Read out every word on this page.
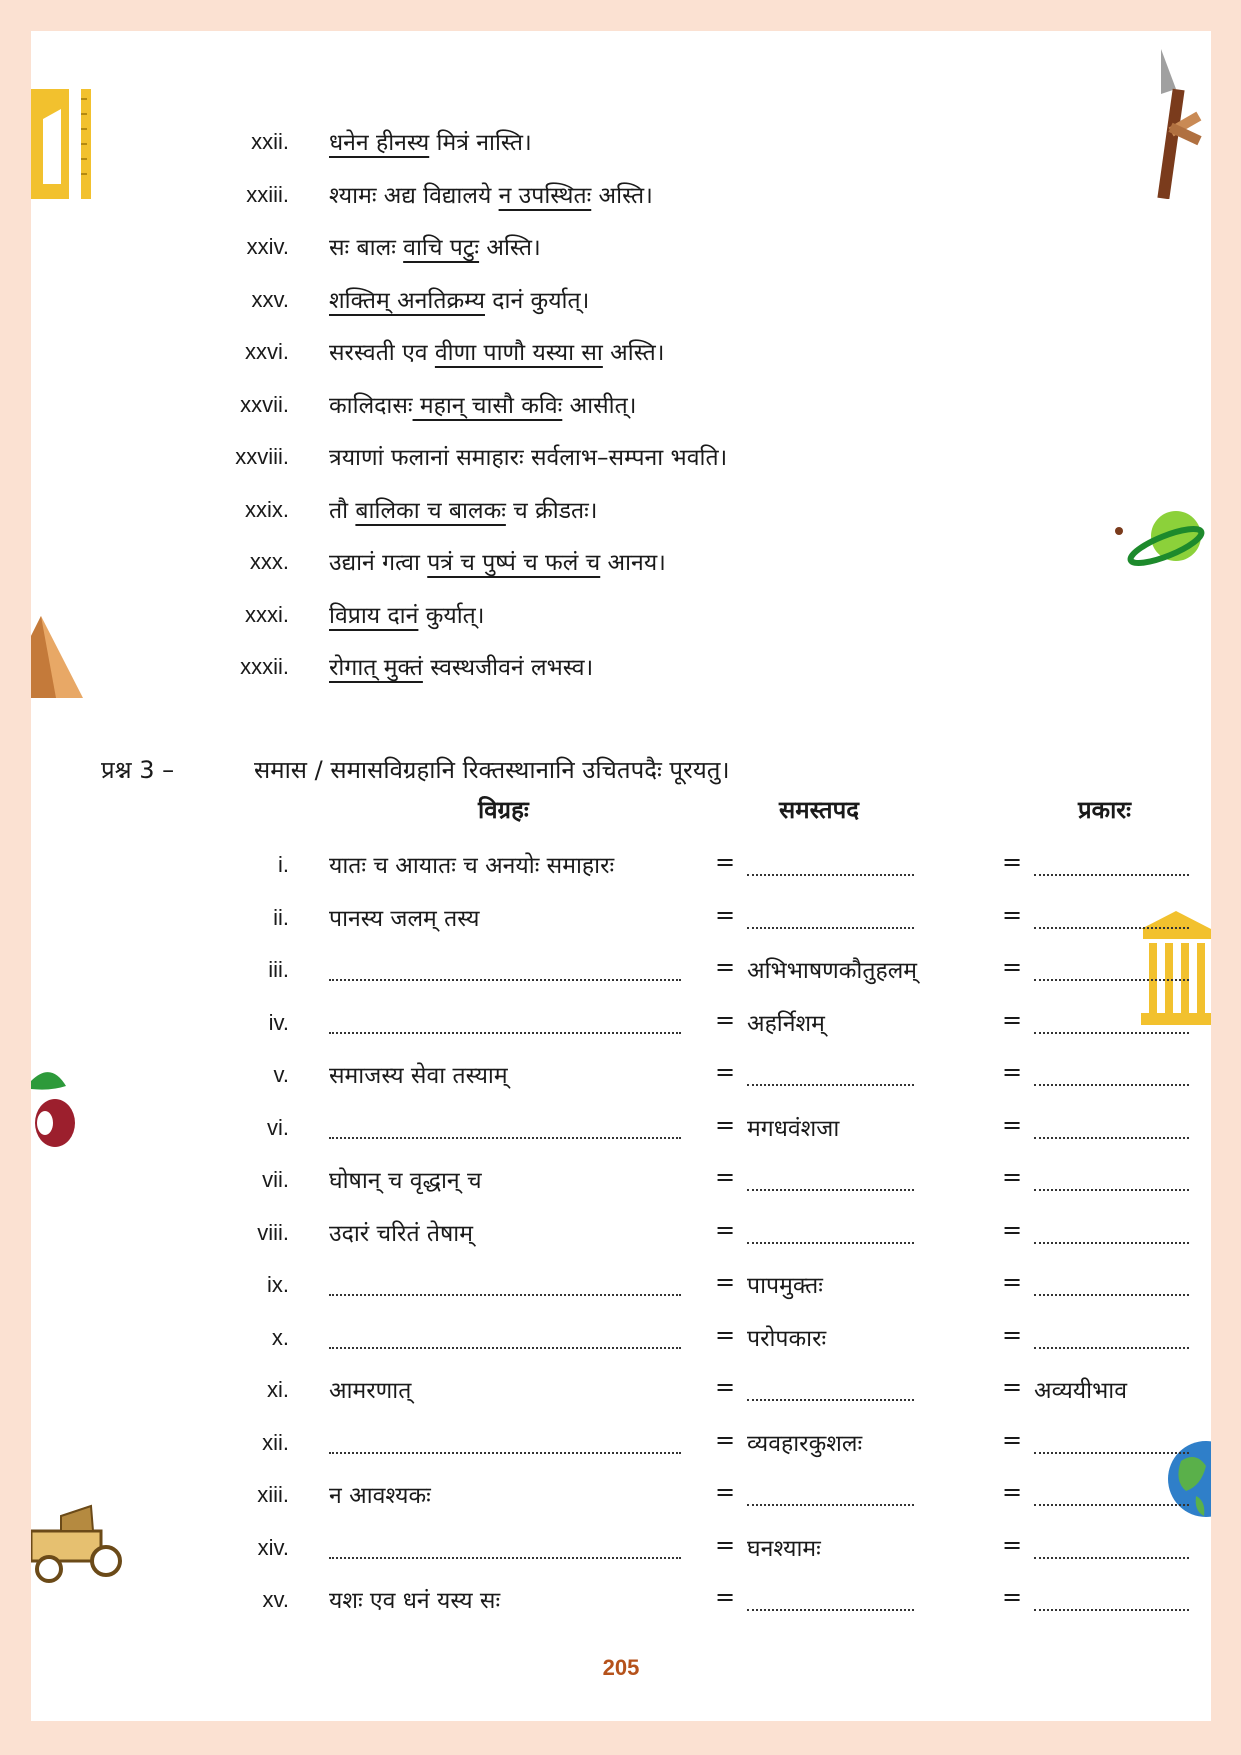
xxii. धनेन हीनस्य मित्रं नास्ति।
xxiii. श्यामः अद्य विद्यालये न उपस्थितः अस्ति।
xxiv. सः बालः वाचि पटुः अस्ति।
xxv. शक्तिम् अनतिक्रम्य दानं कुर्यात्।
xxvi. सरस्वती एव वीणा पाणौ यस्या सा अस्ति।
xxvii. कालिदासः महान् चासौ कविः आसीत्।
xxviii. त्रयाणां फलानां समाहारः सर्वलाभ–सम्पना भवति।
xxix. तौ बालिका च बालकः च क्रीडतः।
xxx. उद्यानं गत्वा पत्रं च पुष्पं च फलं च आनय।
xxxi. विप्राय दानं कुर्यात्।
xxxii. रोगात् मुक्तं स्वस्थजीवनं लभस्व।
प्रश्न 3 –	समास / समासविग्रहानि रिक्तस्थानानि उचितपदैः पूरयतु।
विग्रहः	समस्तपद	प्रकारः
i. यातः च आयातः च अनयोः समाहारः	=	=
ii. पानस्य जलम् तस्य	=	=
iii.	= अभिभाषणकौतुहलम्	=
iv.	= अहर्निशम्	=
v. समाजस्य सेवा तस्याम्	=	=
vi.	= मगधवंशजा	=
vii. घोषान् च वृद्धान् च	=	=
viii. उदारं चरितं तेषाम्	=	=
ix.	= पापमुक्तः	=
x.	= परोपकारः	=
xi. आमरणात्	=	= अव्ययीभाव
xii.	= व्यवहारकुशलः	=
xiii. न आवश्यकः	=	=
xiv.	= घनश्यामः	=
xv. यशः एव धनं यस्य सः	=	=
205
